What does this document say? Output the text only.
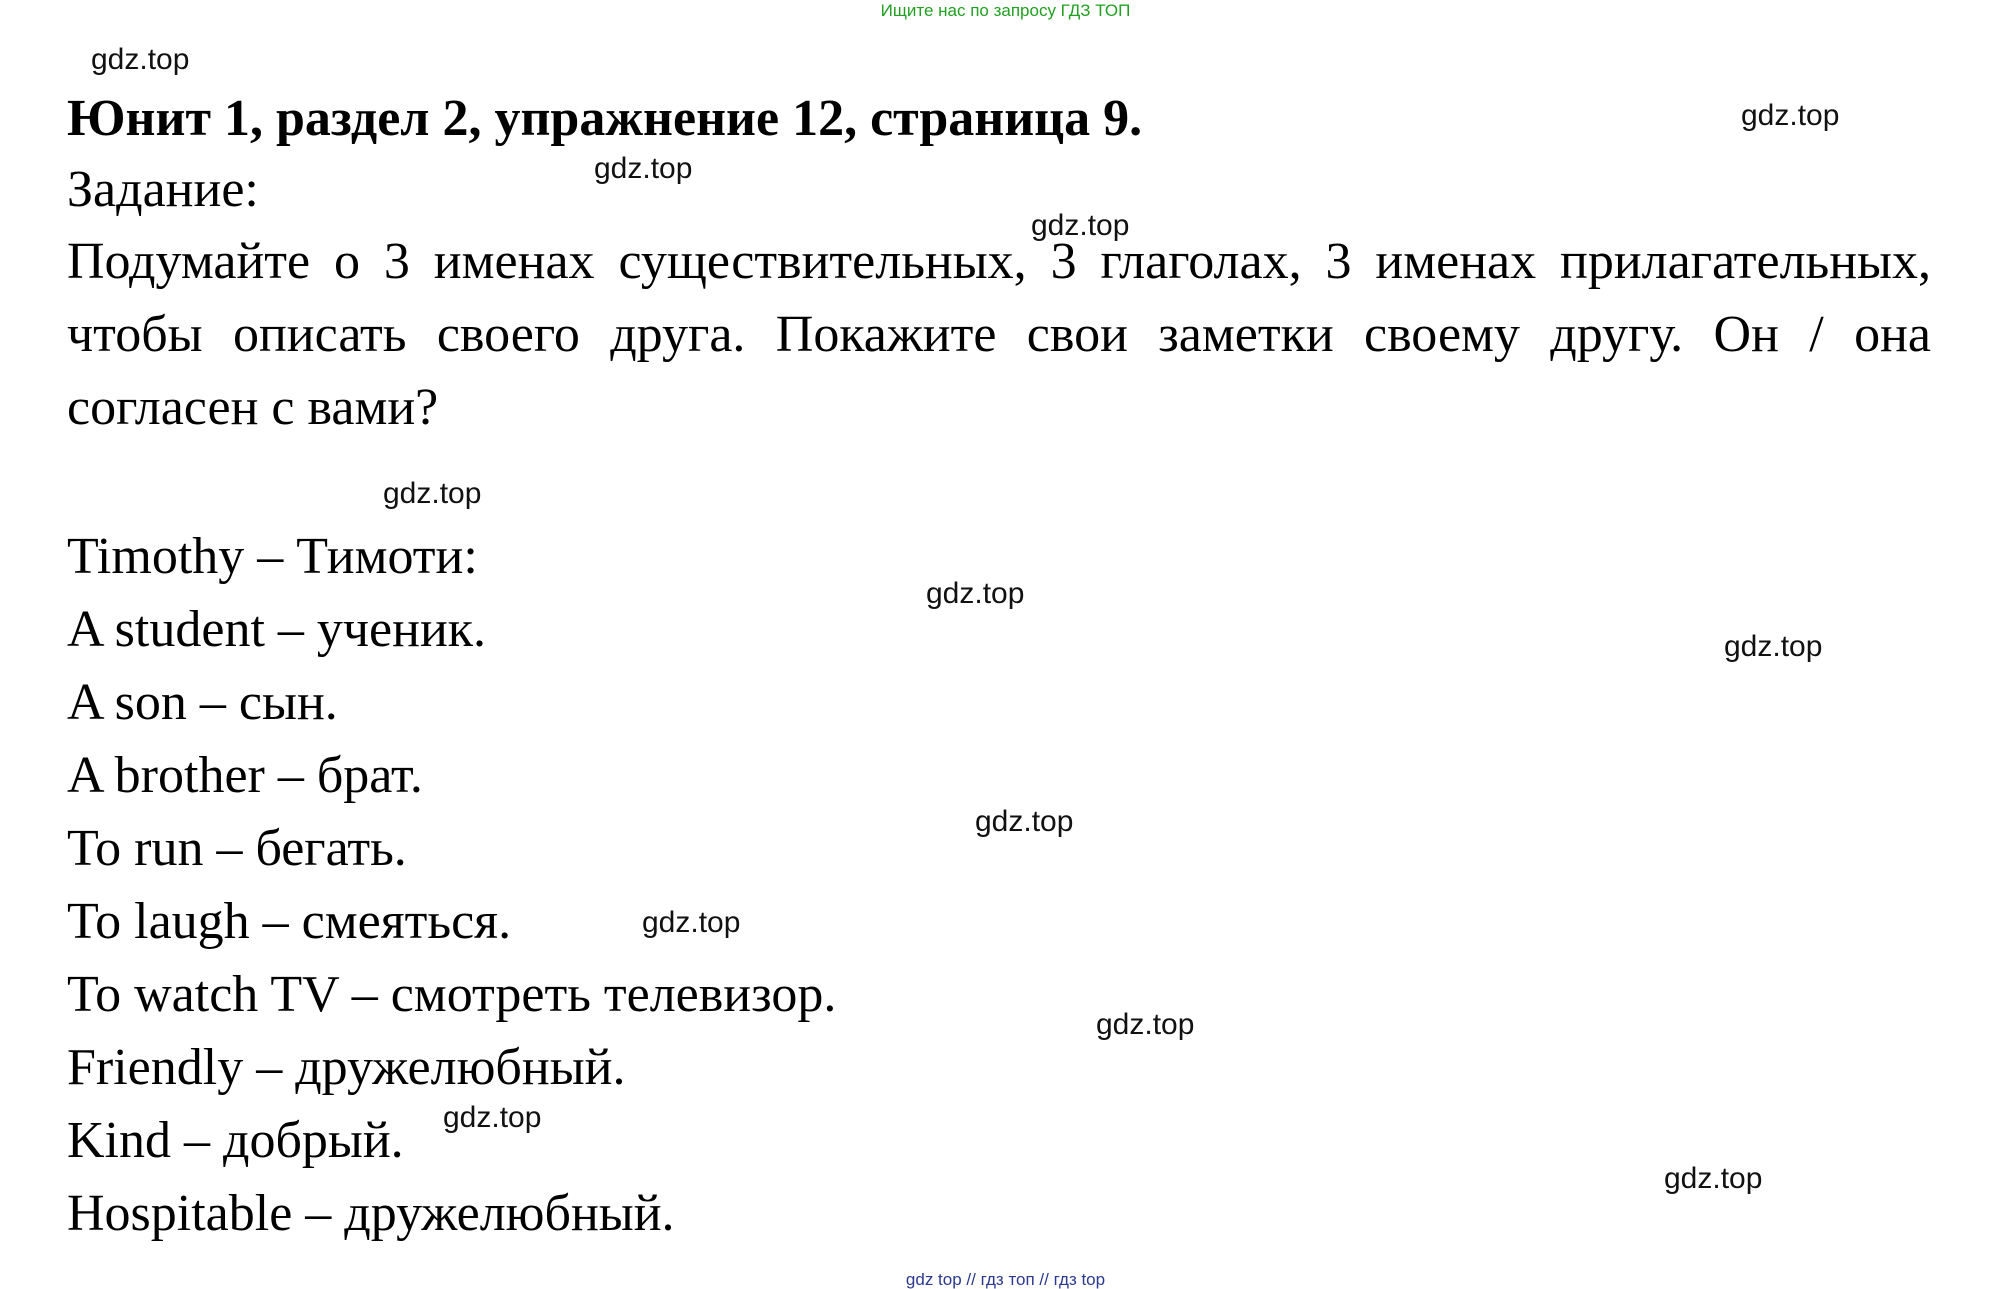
Ищите нас по запросу ГДЗ ТОП
gdz.top
gdz.top
gdz.top
gdz.top
gdz.top
gdz.top
gdz.top
gdz.top
gdz.top
gdz.top
gdz.top
gdz.top
Юнит 1, раздел 2, упражнение 12, страница 9.
Задание:
Подумайте о 3 именах существительных, 3 глаголах, 3 именах прилагательных, чтобы описать своего друга. Покажите свои заметки своему другу. Он / она согласен с вами?
Timothy – Тимоти:
A student – ученик.
A son – сын.
A brother – брат.
To run – бегать.
To laugh – смеяться.
To watch TV – смотреть телевизор.
Friendly – дружелюбный.
Kind – добрый.
Hospitable – дружелюбный.
gdz top // гдз топ // гдз top
